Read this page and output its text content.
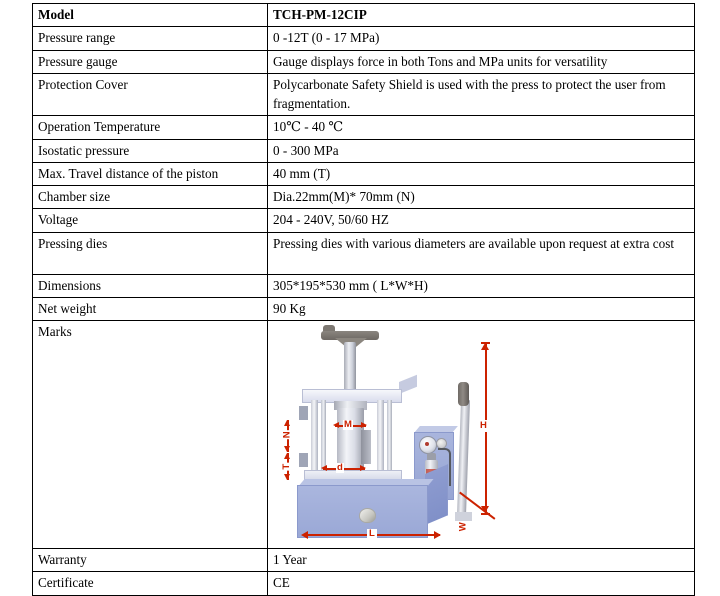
Model	TCH-PM-12CIP
Pressure range	0 -12T (0 - 17 MPa)
Pressure gauge	Gauge displays force in both Tons and MPa units for versatility
Protection Cover	Polycarbonate Safety Shield is used with the press to protect the user from fragmentation.
Operation Temperature	10℃ - 40 ℃
Isostatic pressure	0 - 300 MPa
Max. Travel distance of the piston	40 mm (T)
Chamber size	Dia.22mm(M)* 70mm (N)
Voltage	204 - 240V, 50/60 HZ
Pressing dies	Pressing dies with various diameters are available upon request at extra cost
Dimensions	305*195*530 mm ( L*W*H)
Net weight	90 Kg
Marks	
H
W
L
M
d
N
T

Warranty	1 Year
Certificate	CE
